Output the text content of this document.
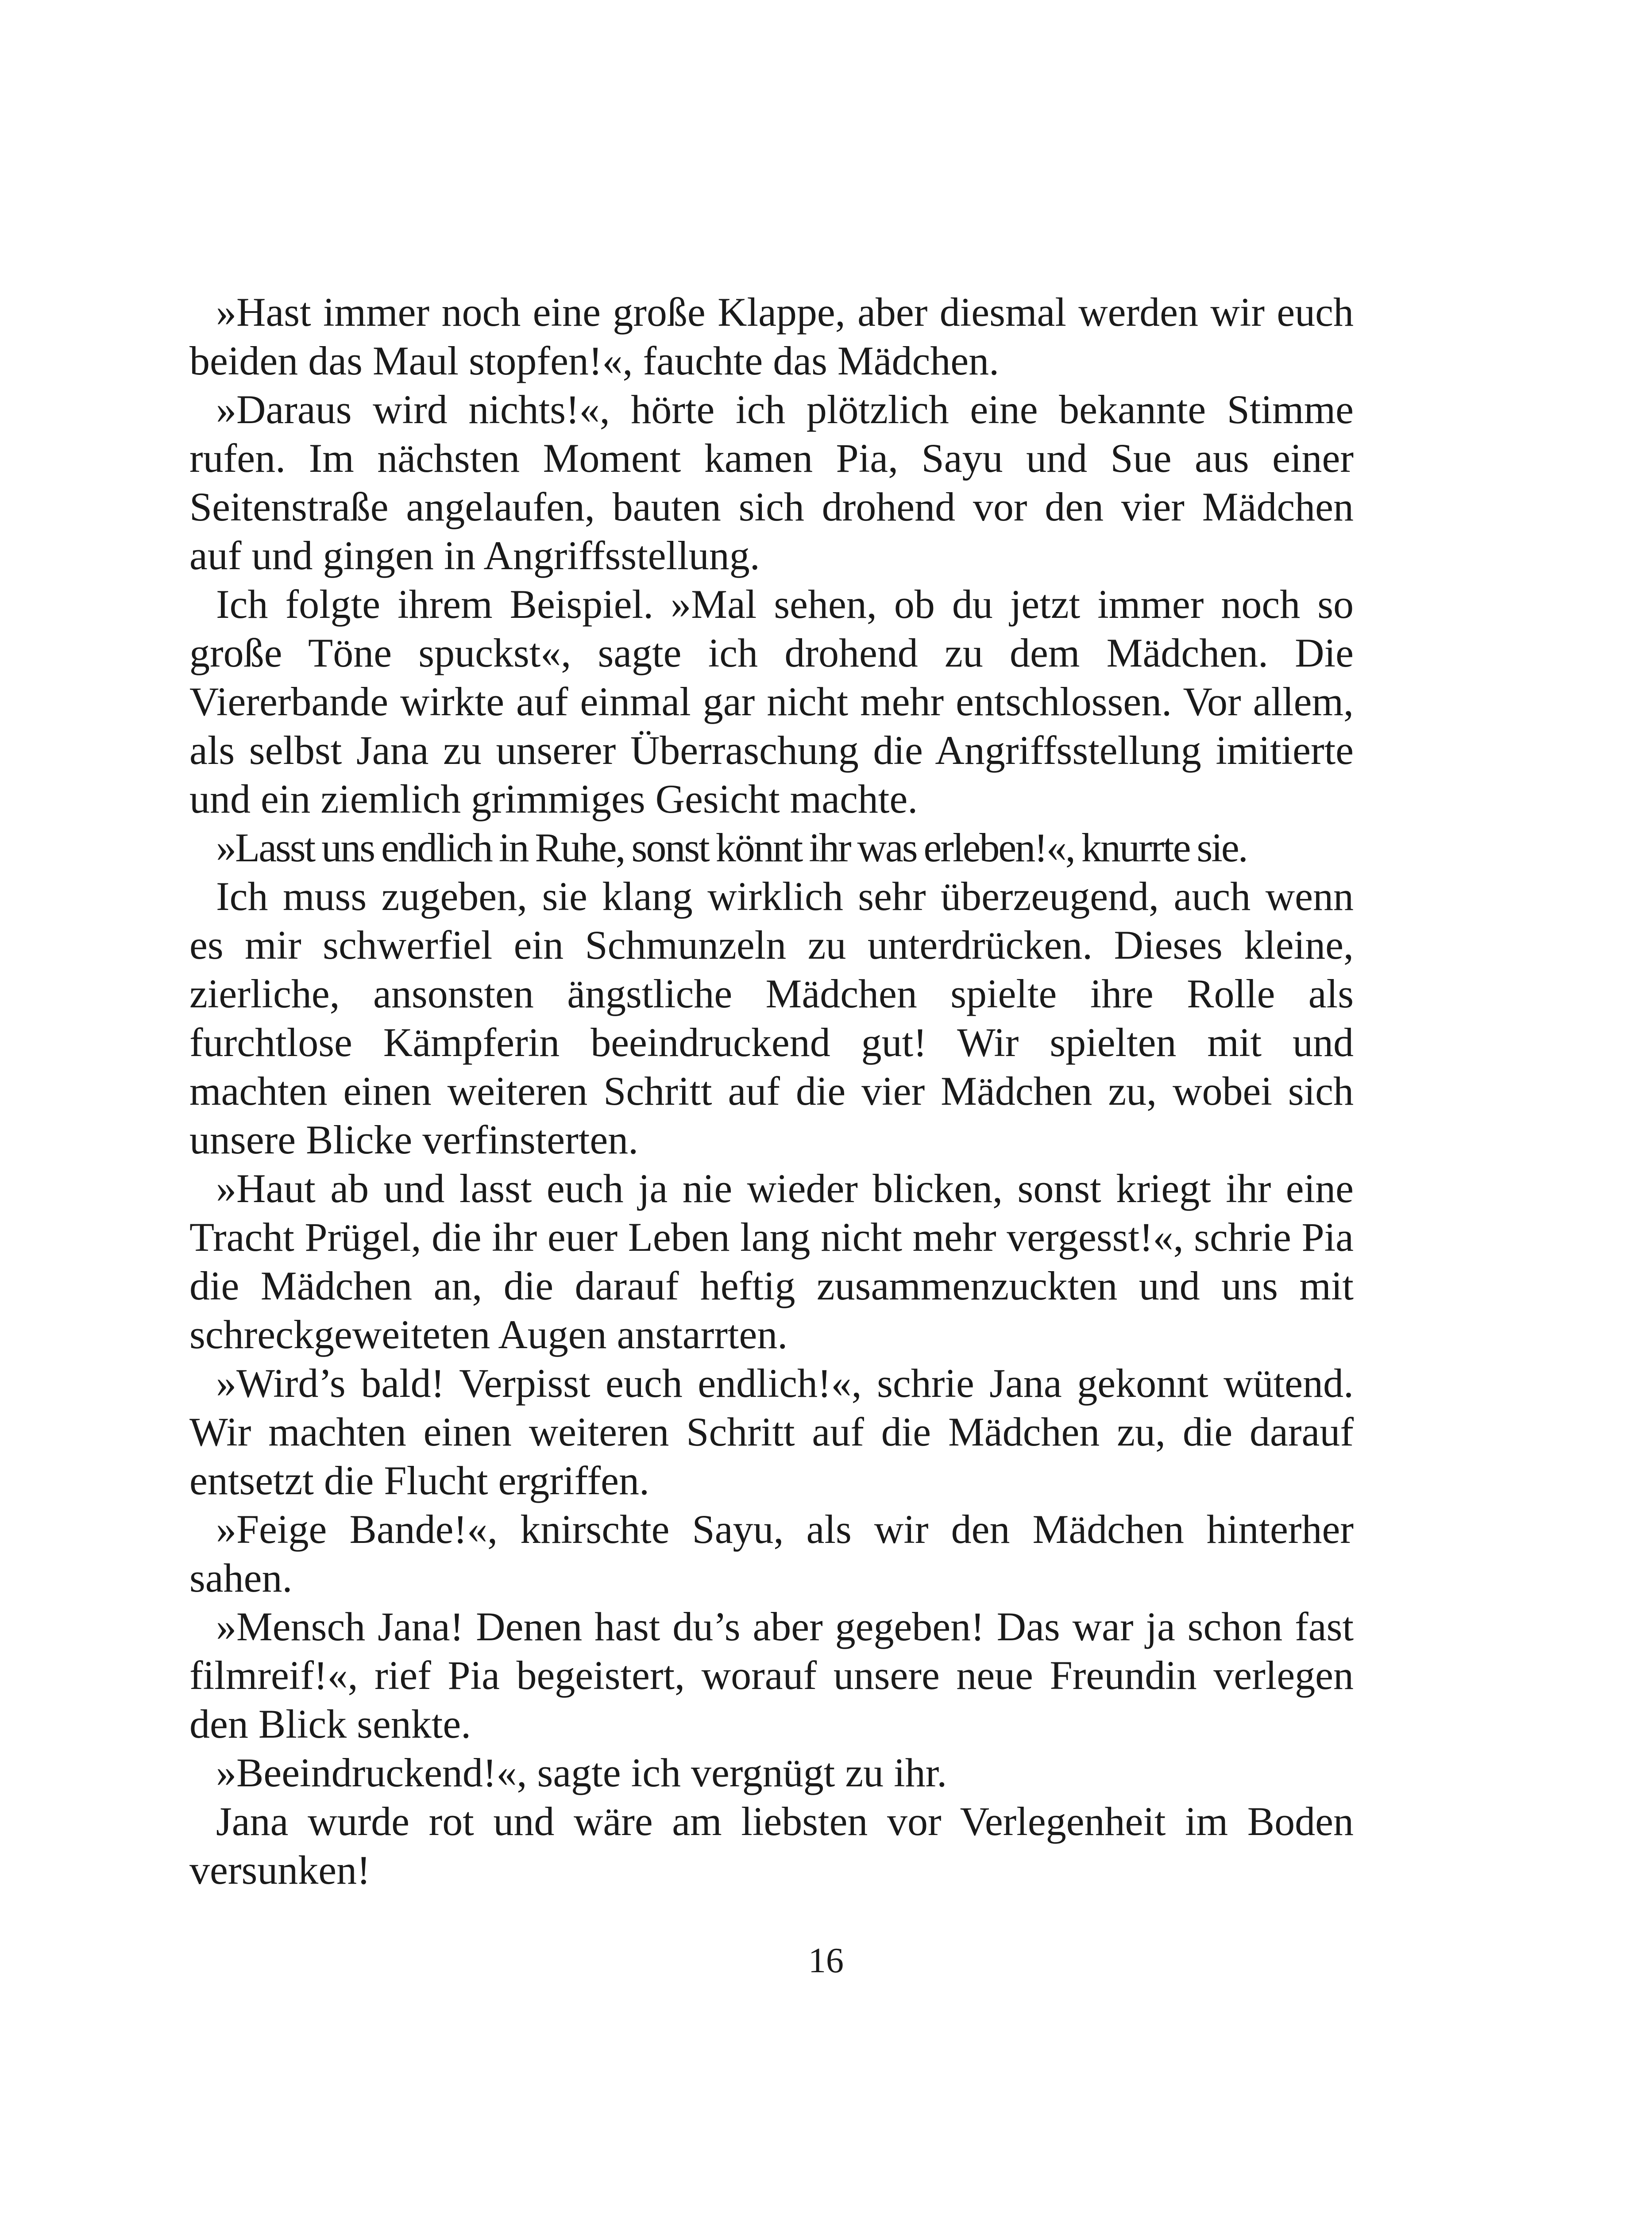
»Hast immer noch eine große Klappe, aber diesmal werden wir euch beiden das Maul stopfen!«, fauchte das Mädchen.

»Daraus wird nichts!«, hörte ich plötzlich eine bekannte Stimme rufen. Im nächsten Moment kamen Pia, Sayu und Sue aus einer Seitenstraße angelaufen, bauten sich drohend vor den vier Mädchen auf und gingen in Angriffsstellung.

Ich folgte ihrem Beispiel. »Mal sehen, ob du jetzt immer noch so große Töne spuckst«, sagte ich drohend zu dem Mädchen. Die Viererbande wirkte auf einmal gar nicht mehr entschlossen. Vor allem, als selbst Jana zu unserer Überraschung die Angriffsstellung imitierte und ein ziemlich grimmiges Gesicht machte.

»Lasst uns endlich in Ruhe, sonst könnt ihr was erleben!«, knurrte sie.

Ich muss zugeben, sie klang wirklich sehr überzeugend, auch wenn es mir schwerfiel ein Schmunzeln zu unterdrücken. Dieses kleine, zierliche, ansonsten ängstliche Mädchen spielte ihre Rolle als furchtlose Kämpferin beeindruckend gut! Wir spielten mit und machten einen weiteren Schritt auf die vier Mädchen zu, wobei sich unsere Blicke verfinsterten.

»Haut ab und lasst euch ja nie wieder blicken, sonst kriegt ihr eine Tracht Prügel, die ihr euer Leben lang nicht mehr vergesst!«, schrie Pia die Mädchen an, die darauf heftig zusammenzuckten und uns mit schreckgeweiteten Augen anstarrten.

»Wird’s bald! Verpisst euch endlich!«, schrie Jana gekonnt wütend. Wir machten einen weiteren Schritt auf die Mädchen zu, die darauf entsetzt die Flucht ergriffen.

»Feige Bande!«, knirschte Sayu, als wir den Mädchen hinterher sahen.

»Mensch Jana! Denen hast du’s aber gegeben! Das war ja schon fast filmreif!«, rief Pia begeistert, worauf unsere neue Freundin verlegen den Blick senkte.

»Beeindruckend!«, sagte ich vergnügt zu ihr.

Jana wurde rot und wäre am liebsten vor Verlegenheit im Boden versunken!

16
